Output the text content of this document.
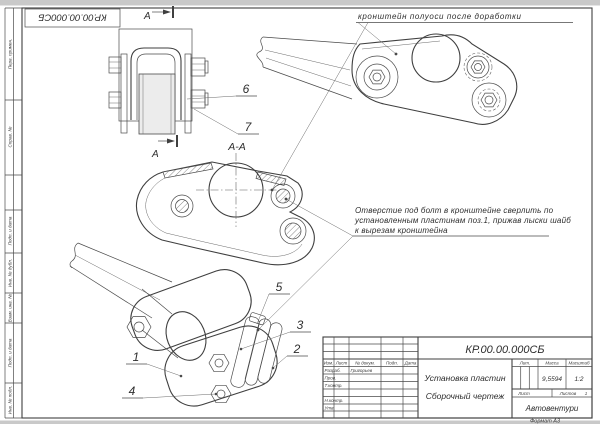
Перв. примен.
Справ. №
Подп. и дата
Инв. № дубл.
Взам. инв. №
Подп. и дата
Инв. № подл.
КР.00.00.000СБ	А
А
А-А
кронштейн полуоси после доработки
Отверстие под болт в кронштейне сверлить по
установленным пластинам поз.1, прижав лыски шайб
к вырезам кронштейна
1
2
3
4
5
6
7
КР.00.00.000СБ
Установка пластин
Сборочный чертеж
Автовентури
Изм. Лист № докум. Подп. Дата
Разраб. Григорьев
Пров.
Т.контр.
Н.контр.
Утв.
Лит.	Масса Масштаб
Лист	Листов 1
9,5594 1:2
Формат А3
